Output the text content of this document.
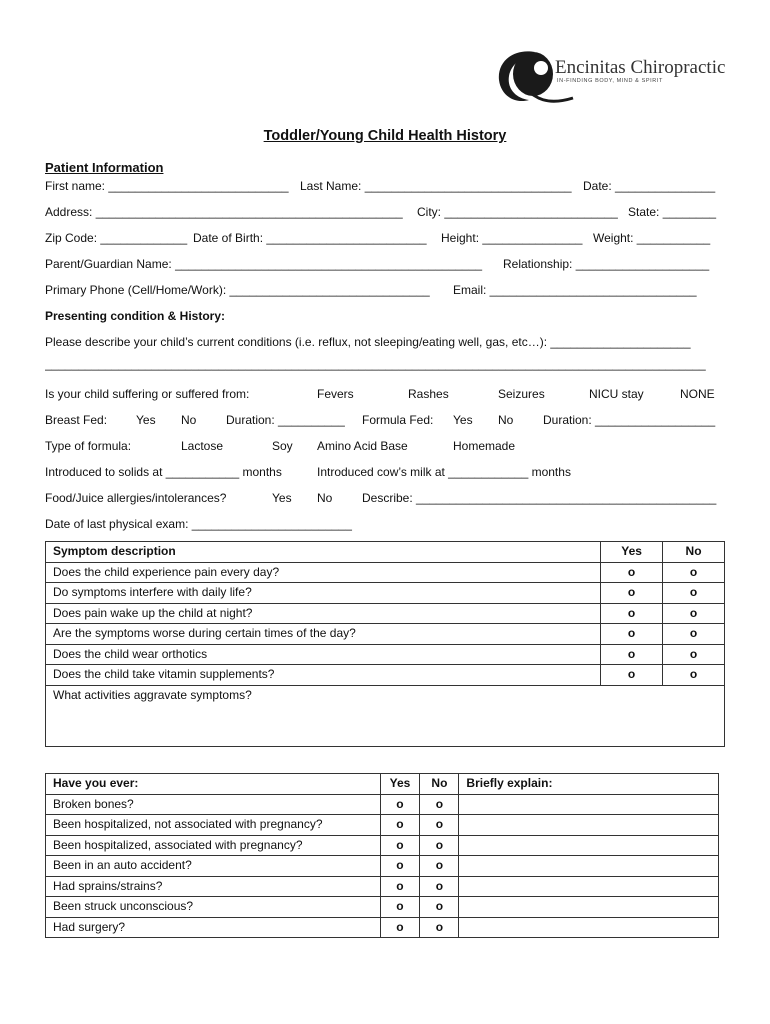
Encinitas Chiropractic
IN-FINDING BODY, MIND & SPIRIT
Toddler/Young Child Health History
Patient Information
First name: ___________________________ Last Name: _______________________________ Date: _______________
Address: ______________________________________________ City: __________________________ State: ________
Zip Code: _____________ Date of Birth: ________________________ Height: _______________ Weight: ___________
Parent/Guardian Name: ______________________________________________ Relationship: ____________________
Primary Phone (Cell/Home/Work): ______________________________ Email: _______________________________
Presenting condition & History:
Please describe your child’s current conditions (i.e. reflux, not sleeping/eating well, gas, etc…): _____________________
___________________________________________________________________________________________________
Is your child suffering or suffered from:	Fevers	Rashes	Seizures	NICU stay	NONE
Breast Fed: Yes No Duration: __________ Formula Fed: Yes No Duration: __________________
Type of formula:	Lactose	Soy Amino Acid Base	Homemade
Introduced to solids at ___________ months	Introduced cow’s milk at ____________ months
Food/Juice allergies/intolerances?	Yes No Describe: _____________________________________________
Date of last physical exam: ________________________
Symptom description	Yes	No
Does the child experience pain every day?	o	o
Do symptoms interfere with daily life?	o	o
Does pain wake up the child at night?	o	o
Are the symptoms worse during certain times of the day?	o	o
Does the child wear orthotics	o	o
Does the child take vitamin supplements?	o	o
What activities aggravate symptoms?		
Have you ever:	Yes	No	Briefly explain:
Broken bones?	o	o	
Been hospitalized, not associated with pregnancy?	o	o	
Been hospitalized, associated with pregnancy?	o	o	
Been in an auto accident?	o	o	
Had sprains/strains?	o	o	
Been struck unconscious?	o	o	
Had surgery?	o	o	
